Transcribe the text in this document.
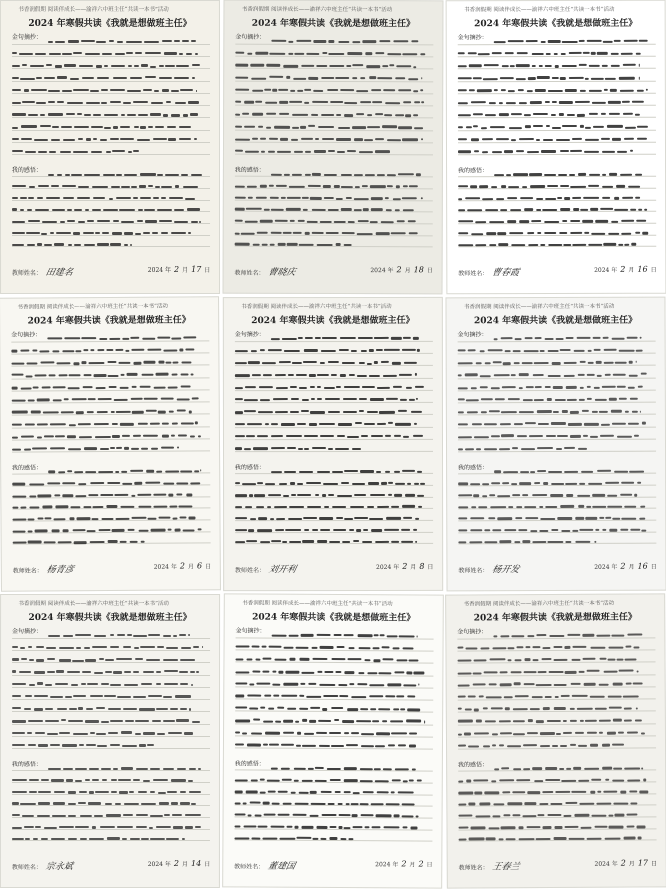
书香润假期 阅读伴成长——渝祥六中班主任“共读一本书”活动
2024 年寒假共读《我就是想做班主任》
金句摘抄：
我的感悟：
教师姓名： 田建名	2024 年 2 月 17 日
书香润假期 阅读伴成长——渝祥六中班主任“共读一本书”活动
2024 年寒假共读《我就是想做班主任》
金句摘抄：
我的感悟：
教师姓名： 曹晓庆	2024 年 2 月 18 日
书香润假期 阅读伴成长——渝祥六中班主任“共读一本书”活动
2024 年寒假共读《我就是想做班主任》
金句摘抄：
我的感悟：
教师姓名： 曹春霞	2024 年 2 月 16 日
书香润假期 阅读伴成长——渝祥六中班主任“共读一本书”活动
2024 年寒假共读《我就是想做班主任》
金句摘抄：
我的感悟：
教师姓名： 杨青彦	2024 年 2 月 6 日
书香润假期 阅读伴成长——渝祥六中班主任“共读一本书”活动
2024 年寒假共读《我就是想做班主任》
金句摘抄：
我的感悟：
教师姓名： 刘开利	2024 年 2 月 8 日
书香润假期 阅读伴成长——渝祥六中班主任“共读一本书”活动
2024 年寒假共读《我就是想做班主任》
金句摘抄：
我的感悟：
教师姓名： 杨开发	2024 年 2 月 16 日
书香润假期 阅读伴成长——渝祥六中班主任“共读一本书”活动
2024 年寒假共读《我就是想做班主任》
金句摘抄：
我的感悟：
教师姓名： 宗永斌	2024 年 2 月 14 日
书香润假期 阅读伴成长——渝祥六中班主任“共读一本书”活动
2024 年寒假共读《我就是想做班主任》
金句摘抄：
我的感悟：
教师姓名： 董建国	2024 年 2 月 2 日
书香润假期 阅读伴成长——渝祥六中班主任“共读一本书”活动
2024 年寒假共读《我就是想做班主任》
金句摘抄：
我的感悟：
教师姓名： 王春兰	2024 年 2 月 17 日
